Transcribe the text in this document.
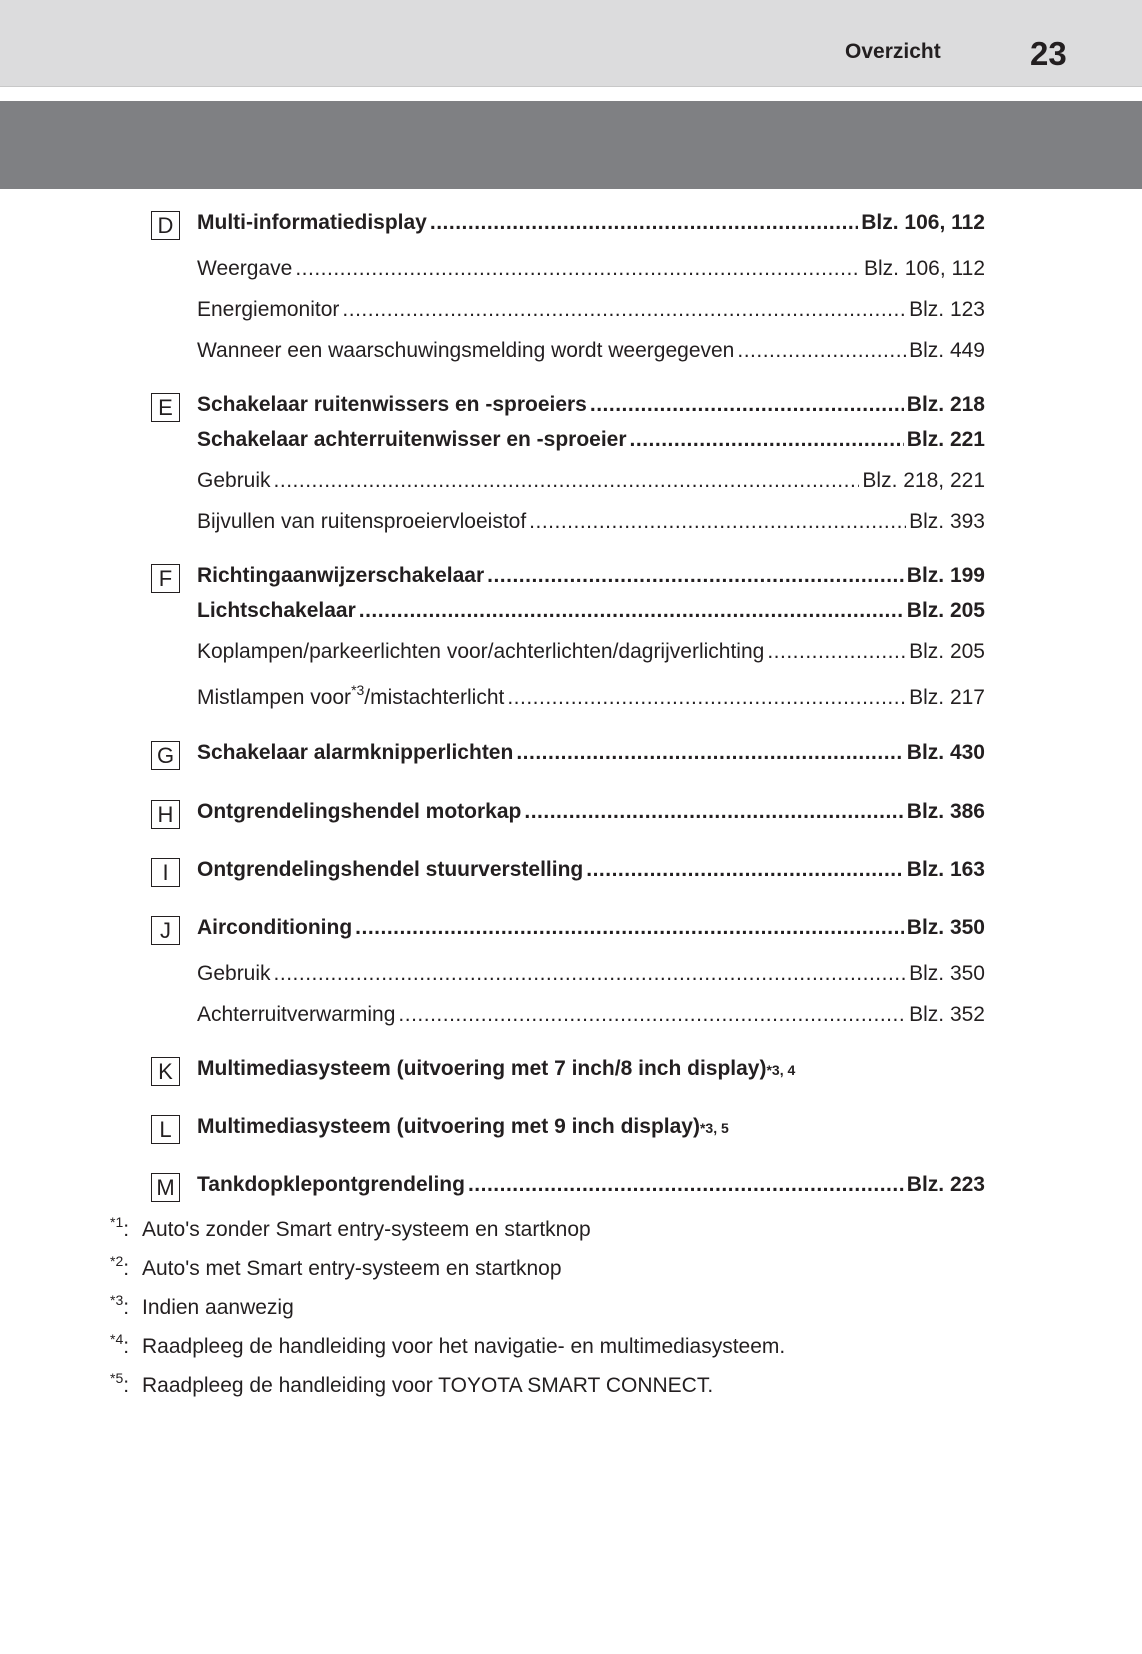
Overzicht	23
D	Multi-informatiedisplay .....	Blz. 106, 112
Weergave .....	Blz. 106, 112
Energiemonitor .....	Blz. 123
Wanneer een waarschuwingsmelding wordt weergegeven .....	Blz. 449
E	Schakelaar ruitenwissers en -sproeiers .....	Blz. 218
Schakelaar achterruitenwisser en -sproeier .....	Blz. 221
Gebruik .....	Blz. 218, 221
Bijvullen van ruitensproeiervloeistof .....	Blz. 393
F	Richtingaanwijzerschakelaar .....	Blz. 199
Lichtschakelaar .....	Blz. 205
Koplampen/parkeerlichten voor/achterlichten/dagrijverlichting .....	Blz. 205
Mistlampen voor$^{*3}$/mistachterlicht .....	Blz. 217
G Schakelaar alarmknipperlichten .....	Blz. 430
H	Ontgrendelingshendel motorkap .....	Blz. 386
I	Ontgrendelingshendel stuurverstelling .....	Blz. 163
J	Airconditioning .....	Blz. 350
Gebruik .....	Blz. 350
Achterruitverwarming .....	Blz. 352
K	Multimediasysteem (uitvoering met 7 inch/8 inch display) *3, 4
L	Multimediasysteem (uitvoering met 9 inch display) *3, 5
M Tankdopklepontgrendeling .....	Blz. 223
$^{*1}$: Auto's zonder Smart entry-systeem en startknop
$^{*2}$: Auto's met Smart entry-systeem en startknop
$^{*3}$: Indien aanwezig
$^{*4}$: Raadpleeg de handleiding voor het navigatie- en multimediasysteem.
$^{*5}$: Raadpleeg de handleiding voor TOYOTA SMART CONNECT.
